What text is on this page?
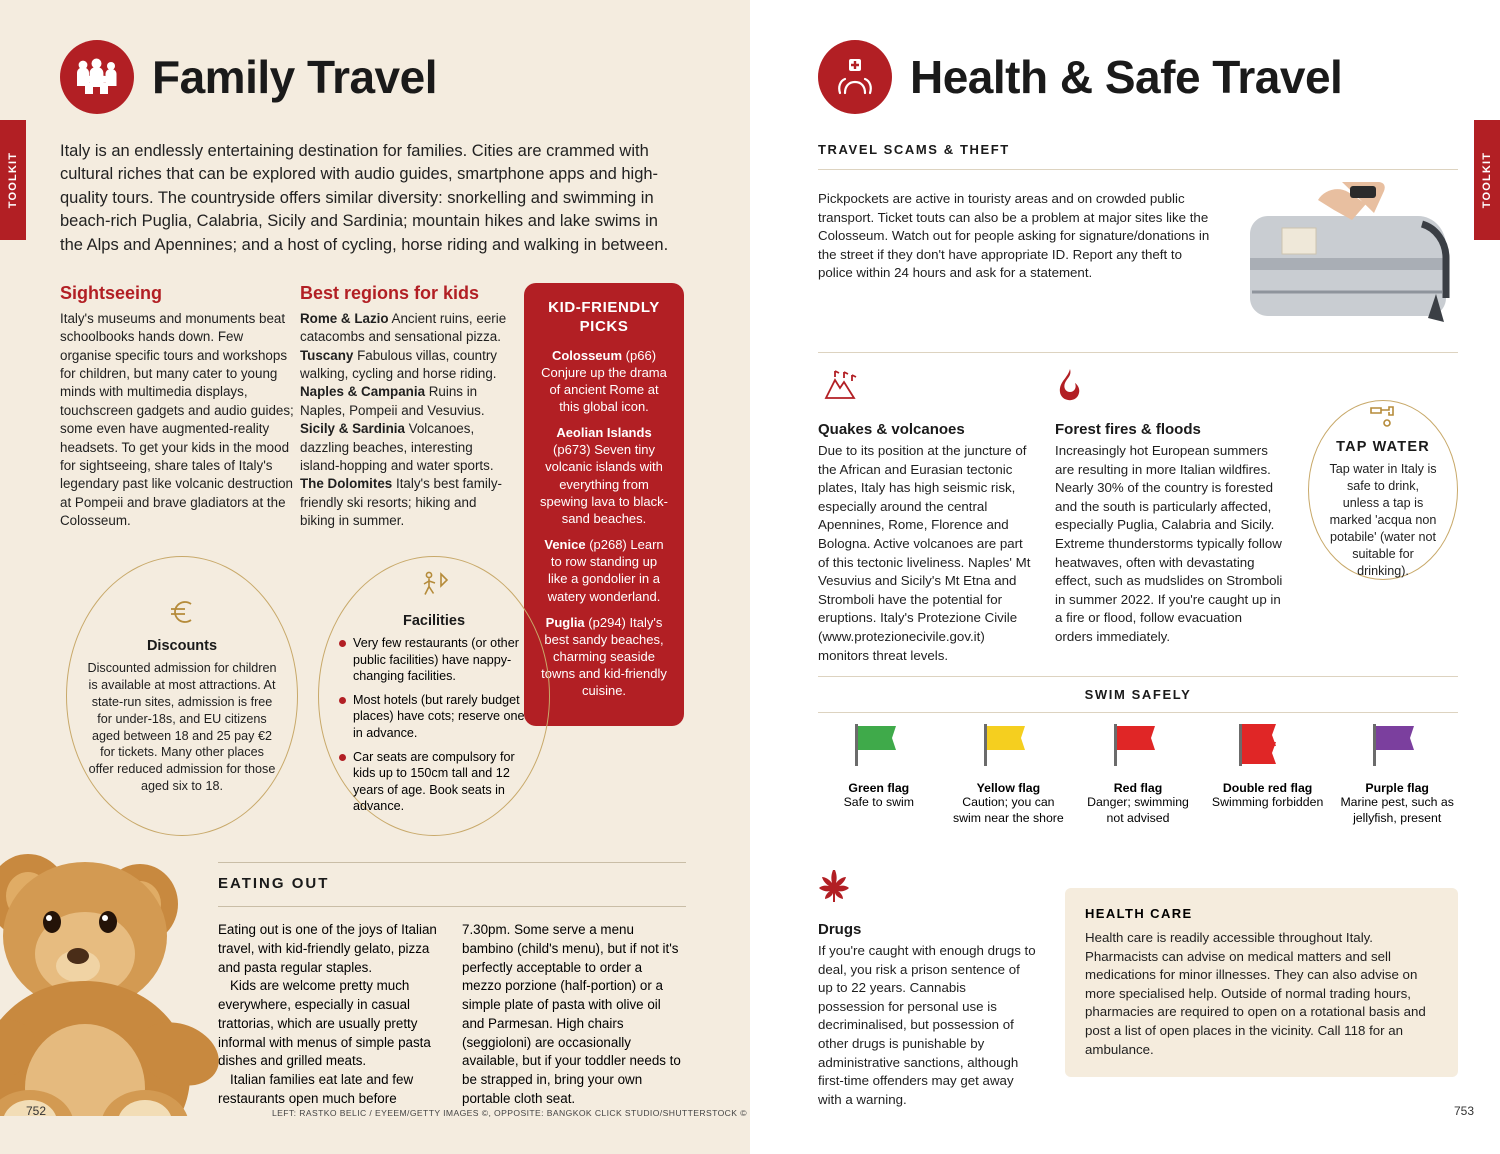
TOOLKIT
Family Travel
Italy is an endlessly entertaining destination for families. Cities are crammed with cultural riches that can be explored with audio guides, smartphone apps and high-quality tours. The countryside offers similar diversity: snorkelling and swimming in beach-rich Puglia, Calabria, Sicily and Sardinia; mountain hikes and lake swims in the Alps and Apennines; and a host of cycling, horse riding and walking in between.
Sightseeing
Italy's museums and monuments beat schoolbooks hands down. Few organise specific tours and workshops for children, but many cater to young minds with multimedia displays, touchscreen gadgets and audio guides; some even have augmented-reality headsets. To get your kids in the mood for sightseeing, share tales of Italy's legendary past like volcanic destruction at Pompeii and brave gladiators at the Colosseum.
Best regions for kids
Rome & Lazio Ancient ruins, eerie catacombs and sensational pizza. Tuscany Fabulous villas, country walking, cycling and horse riding. Naples & Campania Ruins in Naples, Pompeii and Vesuvius. Sicily & Sardinia Volcanoes, dazzling beaches, interesting island-hopping and water sports. The Dolomites Italy's best family-friendly ski resorts; hiking and biking in summer.
KID-FRIENDLY PICKS
Colosseum (p66) Conjure up the drama of ancient Rome at this global icon.
Aeolian Islands (p673) Seven tiny volcanic islands with everything from spewing lava to black-sand beaches.
Venice (p268) Learn to row standing up like a gondolier in a watery wonderland.
Puglia (p294) Italy's best sandy beaches, charming seaside towns and kid-friendly cuisine.
Discounts
Discounted admission for children is available at most attractions. At state-run sites, admission is free for under-18s, and EU citizens aged between 18 and 25 pay €2 for tickets. Many other places offer reduced admission for those aged six to 18.
Facilities
Very few restaurants (or other public facilities) have nappy-changing facilities.
Most hotels (but rarely budget places) have cots; reserve one in advance.
Car seats are compulsory for kids up to 150cm tall and 12 years of age. Book seats in advance.
EATING OUT
Eating out is one of the joys of Italian travel, with kid-friendly gelato, pizza and pasta regular staples.
Kids are welcome pretty much everywhere, especially in casual trattorias, which are usually pretty informal with menus of simple pasta dishes and grilled meats.
Italian families eat late and few restaurants open much before
7.30pm. Some serve a menu bambino (child's menu), but if not it's perfectly acceptable to order a mezzo porzione (half-portion) or a simple plate of pasta with olive oil and Parmesan. High chairs (seggioloni) are occasionally available, but if your toddler needs to be strapped in, bring your own portable cloth seat.
752	LEFT: RASTKO BELIC / EYEEM/GETTY IMAGES ©, OPPOSITE: BANGKOK CLICK STUDIO/SHUTTERSTOCK ©
TOOLKIT
Health & Safe Travel
TRAVEL SCAMS & THEFT
Pickpockets are active in touristy areas and on crowded public transport. Ticket touts can also be a problem at major sites like the Colosseum. Watch out for people asking for signature/donations in the street if they don't have appropriate ID. Report any theft to police within 24 hours and ask for a statement.
Quakes & volcanoes
Due to its position at the juncture of the African and Eurasian tectonic plates, Italy has high seismic risk, especially around the central Apennines, Rome, Florence and Bologna. Active volcanoes are part of this tectonic liveliness. Naples' Mt Vesuvius and Sicily's Mt Etna and Stromboli have the potential for eruptions. Italy's Protezione Civile (www.protezionecivile.gov.it) monitors threat levels.
Forest fires & floods
Increasingly hot European summers are resulting in more Italian wildfires. Nearly 30% of the country is forested and the south is particularly affected, especially Puglia, Calabria and Sicily. Extreme thunderstorms typically follow heatwaves, often with devastating effect, such as mudslides on Stromboli in summer 2022. If you're caught up in a fire or flood, follow evacuation orders immediately.
TAP WATER
Tap water in Italy is safe to drink, unless a tap is marked 'acqua non potabile' (water not suitable for drinking).
SWIM SAFELY
Green flag
Safe to swim
Yellow flag
Caution; you can swim near the shore
Red flag
Danger; swimming not advised
Double red flag
Swimming forbidden
Purple flag
Marine pest, such as jellyfish, present
Drugs
If you're caught with enough drugs to deal, you risk a prison sentence of up to 22 years. Cannabis possession for personal use is decriminalised, but possession of other drugs is punishable by administrative sanctions, although first-time offenders may get away with a warning.
HEALTH CARE
Health care is readily accessible throughout Italy. Pharmacists can advise on medical matters and sell medications for minor illnesses. They can also advise on more specialised help. Outside of normal trading hours, pharmacies are required to open on a rotational basis and post a list of open places in the vicinity. Call 118 for an ambulance.
753
